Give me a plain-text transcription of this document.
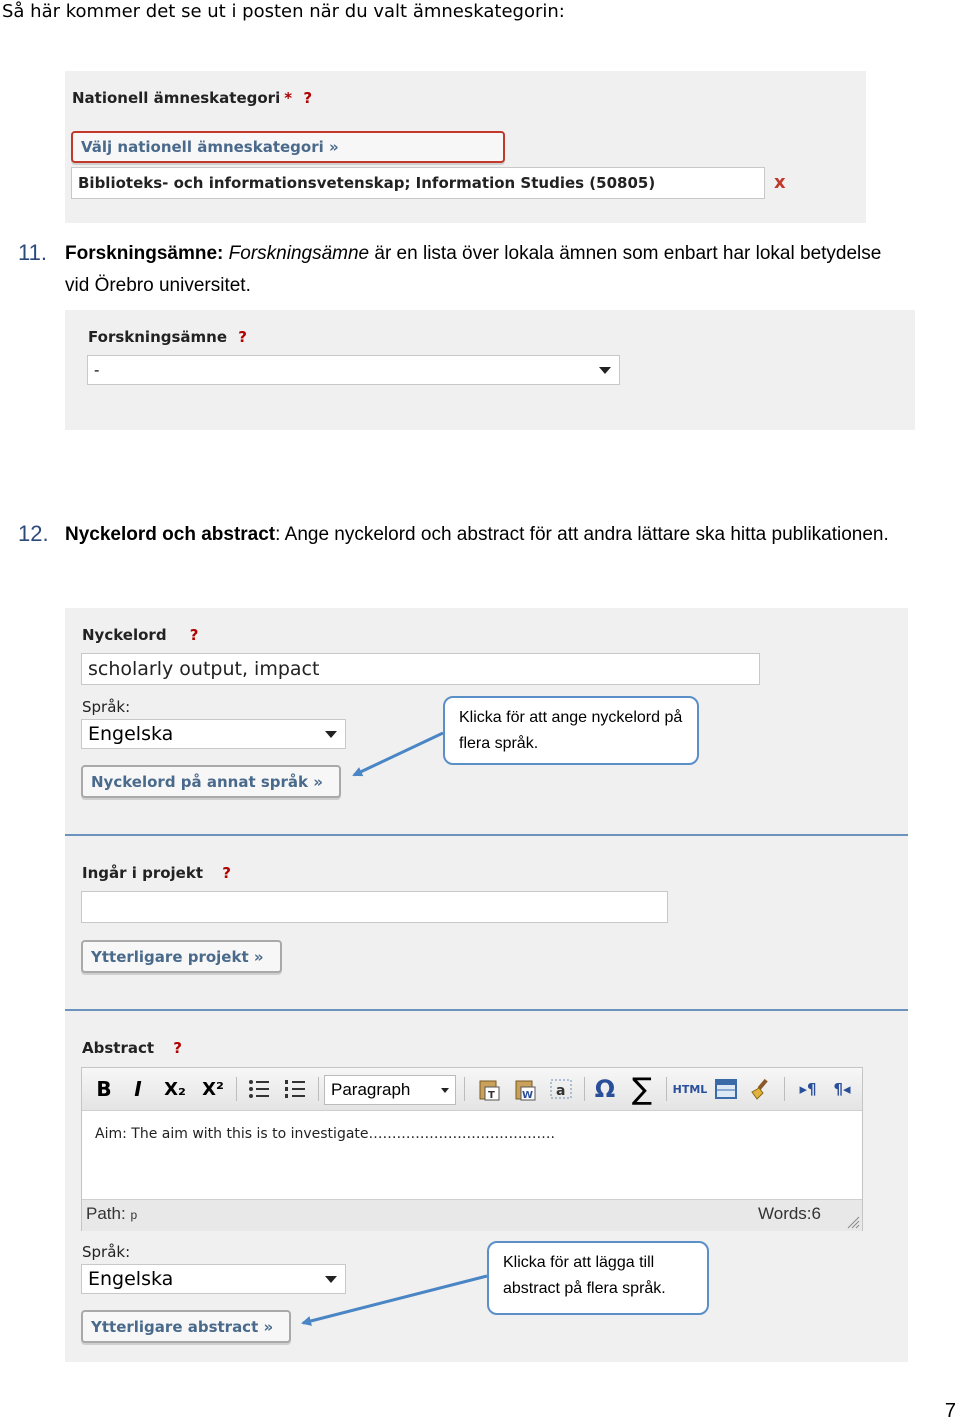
Så här kommer det se ut i posten när du valt ämneskategorin:
Nationell ämneskategori * ?
Välj nationell ämneskategori »
Biblioteks- och informationsvetenskap; Information Studies (50805)	x
11. Forskningsämne: Forskningsämne är en lista över lokala ämnen som enbart har lokal betydelse
vid Örebro universitet.
Forskningsämne ?
-
12. Nyckelord och abstract: Ange nyckelord och abstract för att andra lättare ska hitta publikationen.
Nyckelord ?
scholarly output, impact
Språk:
Engelska
Nyckelord på annat språk »
Klicka för att ange nyckelord på flera språk.
Ingår i projekt ?
Ytterligare projekt »
Abstract ?
B	I	X₂ X²	Paragraph	T	W a Ω ∑	HTML	▸¶	¶◂
Aim: The aim with this is to investigate………………………………….
Path: p	Words:6
Språk:
Engelska
Ytterligare abstract »
Klicka för att lägga till abstract på flera språk.
7
